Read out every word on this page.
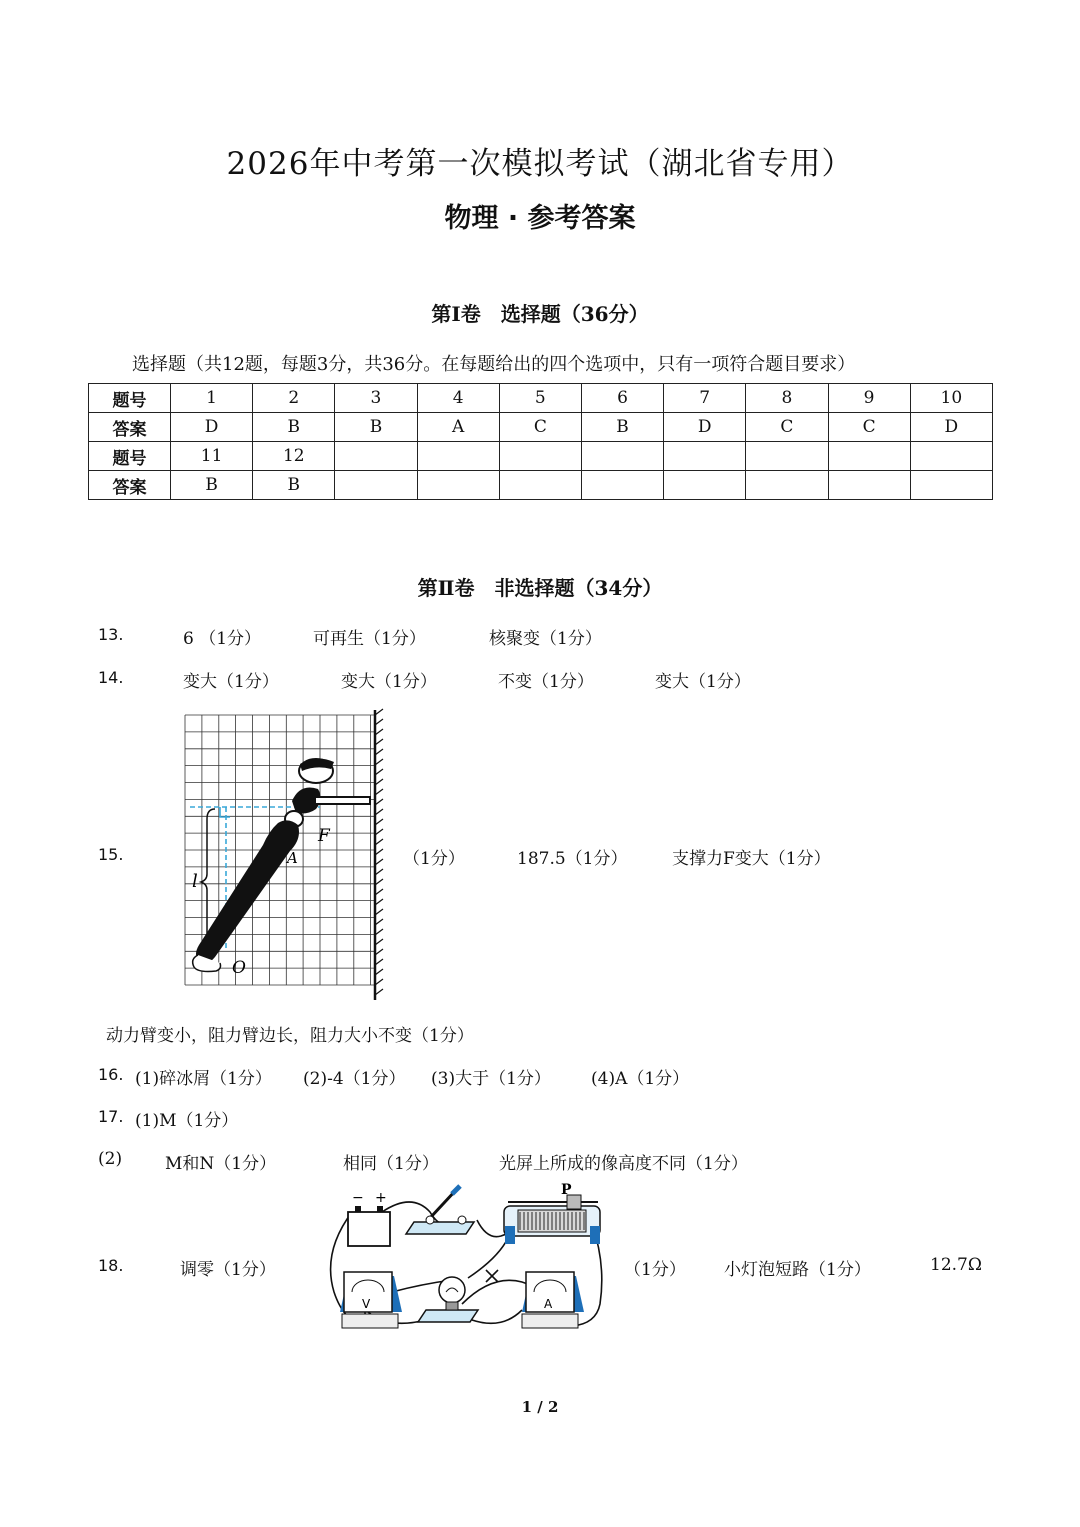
2026年中考第一次模拟考试（湖北省专用）
物理 · 参考答案
第Ⅰ卷　选择题（36分）
选择题（共12题，每题3分，共36分。在每题给出的四个选项中，只有一项符合题目要求）
题号	1	2	3	4	5	6	7	8	9	10
答案	D	B	B	A	C	B	D	C	C	D
题号	11	12								
答案	B	B								
第Ⅱ卷　非选择题（34分）
13.	6 （1分）	可再生（1分）	核聚变（1分）
14.	变大（1分）	变大（1分）	不变（1分）	变大（1分）
15.
F
A
l
O
（1分）	187.5（1分）	支撑力F变大（1分）
动力臂变小，阻力臂边长，阻力大小不变（1分）
16. (1)碎冰屑（1分） (2)-4（1分） (3)大于（1分） (4)A（1分）
17. (1)M（1分）
(2)	M和N（1分）	相同（1分）	光屏上所成的像高度不同（1分）
18.	调零（1分）
− +	P
V	A
（1分） 小灯泡短路（1分）	12.7Ω
1 / 2
